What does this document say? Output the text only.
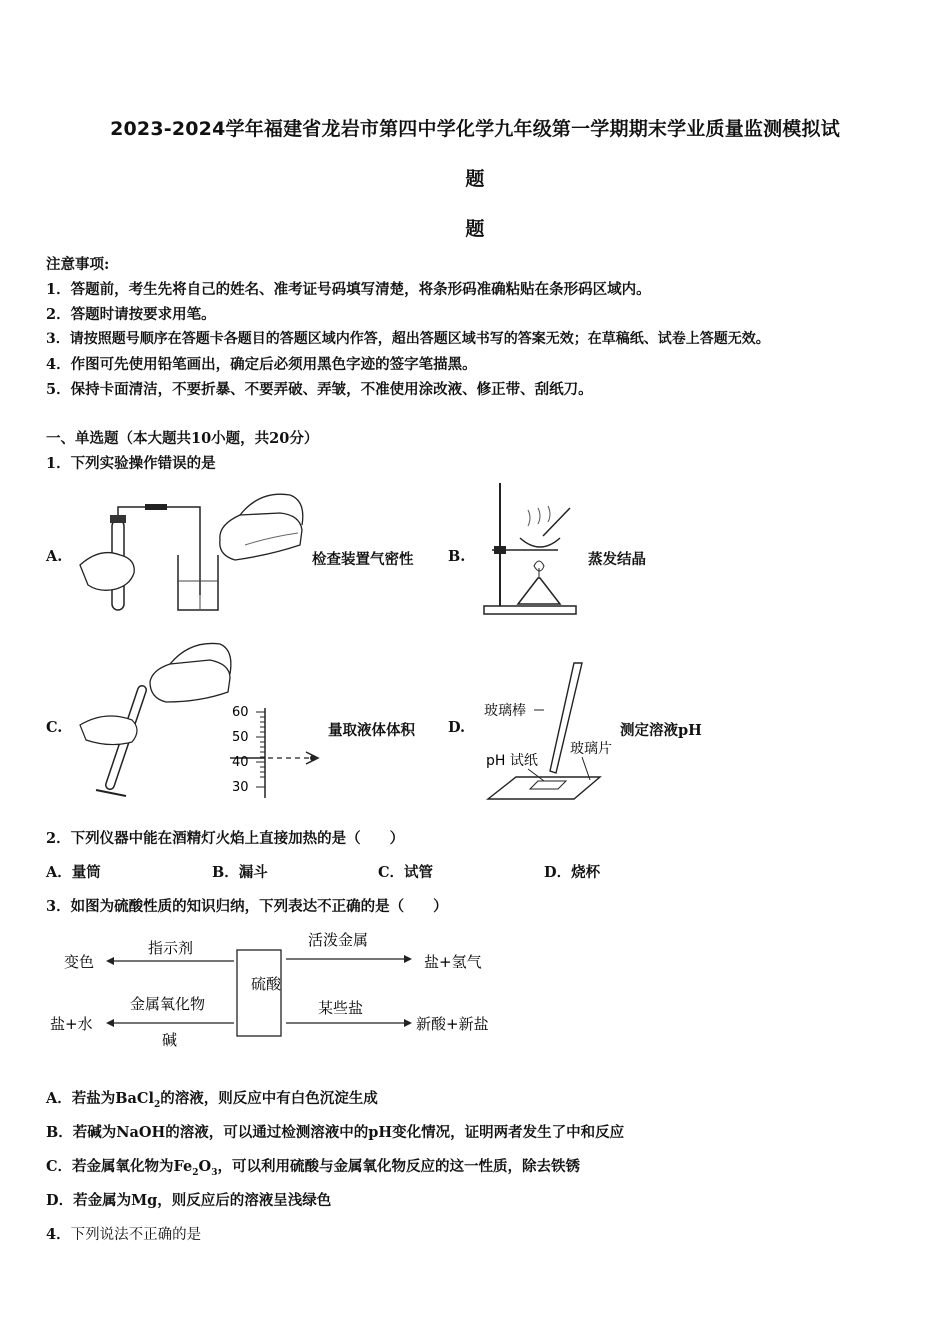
2023-2024学年福建省龙岩市第四中学化学九年级第一学期期末学业质量监测模拟试
题
题
注意事项:
1．答题前，考生先将自己的姓名、准考证号码填写清楚，将条形码准确粘贴在条形码区域内。
2．答题时请按要求用笔。
3．请按照题号顺序在答题卡各题目的答题区域内作答，超出答题区域书写的答案无效；在草稿纸、试卷上答题无效。
4．作图可先使用铅笔画出，确定后必须用黑色字迹的签字笔描黑。
5．保持卡面清洁，不要折暴、不要弄破、弄皱，不准使用涂改液、修正带、刮纸刀。
一、单选题（本大题共10小题，共20分）
1．下列实验操作错误的是
A.	检查装置气密性 B.	蒸发结晶
C.
60
50
40
30
量取液体体积 D.
玻璃棒
玻璃片
pH 试纸
测定溶液pH
2．下列仪器中能在酒精灯火焰上直接加热的是（　　）
A．量筒	B．漏斗	C．试管	D．烧杯
3．如图为硫酸性质的知识归纳，下列表达不正确的是（　　）
硫酸
指示剂
变色
金属氧化物
碱
盐+水
活泼金属
盐+氢气
某些盐
新酸+新盐
A．若盐为BaCl$_2$的溶液，则反应中有白色沉淀生成
B．若碱为NaOH的溶液，可以通过检测溶液中的pH变化情况，证明两者发生了中和反应
C．若金属氧化物为$Fe_2O_3$，可以利用硫酸与金属氧化物反应的这一性质，除去铁锈
D．若金属为Mg，则反应后的溶液呈浅绿色
4．下列说法不正确的是
